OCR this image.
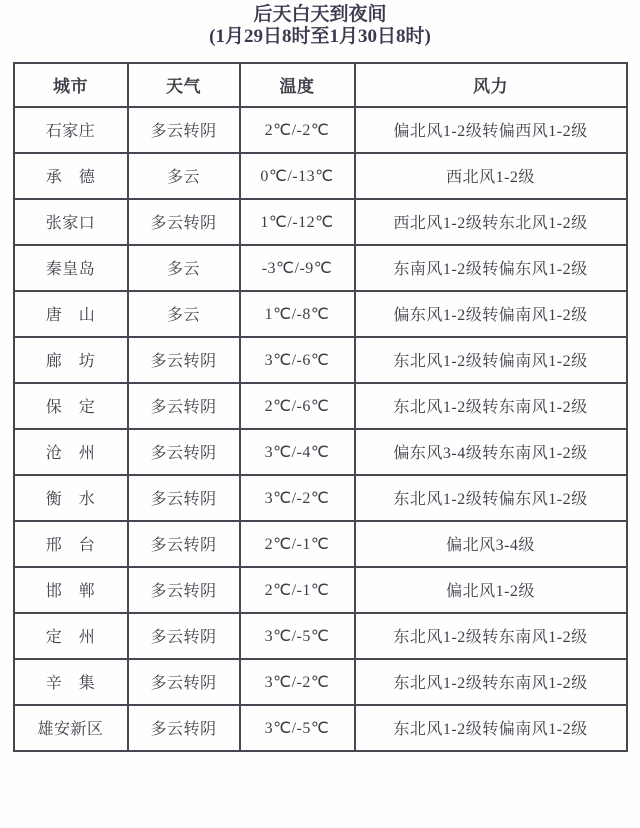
后天白天到夜间
(1月29日8时至1月30日8时)
城市	天气	温度	风力
石家庄	多云转阴	2℃/-2℃	偏北风1-2级转偏西风1-2级
承　德	多云	0℃/-13℃	西北风1-2级
张家口	多云转阴	1℃/-12℃	西北风1-2级转东北风1-2级
秦皇岛	多云	-3℃/-9℃	东南风1-2级转偏东风1-2级
唐　山	多云	1℃/-8℃	偏东风1-2级转偏南风1-2级
廊　坊	多云转阴	3℃/-6℃	东北风1-2级转偏南风1-2级
保　定	多云转阴	2℃/-6℃	东北风1-2级转东南风1-2级
沧　州	多云转阴	3℃/-4℃	偏东风3-4级转东南风1-2级
衡　水	多云转阴	3℃/-2℃	东北风1-2级转偏东风1-2级
邢　台	多云转阴	2℃/-1℃	偏北风3-4级
邯　郸	多云转阴	2℃/-1℃	偏北风1-2级
定　州	多云转阴	3℃/-5℃	东北风1-2级转东南风1-2级
辛　集	多云转阴	3℃/-2℃	东北风1-2级转东南风1-2级
雄安新区	多云转阴	3℃/-5℃	东北风1-2级转偏南风1-2级
